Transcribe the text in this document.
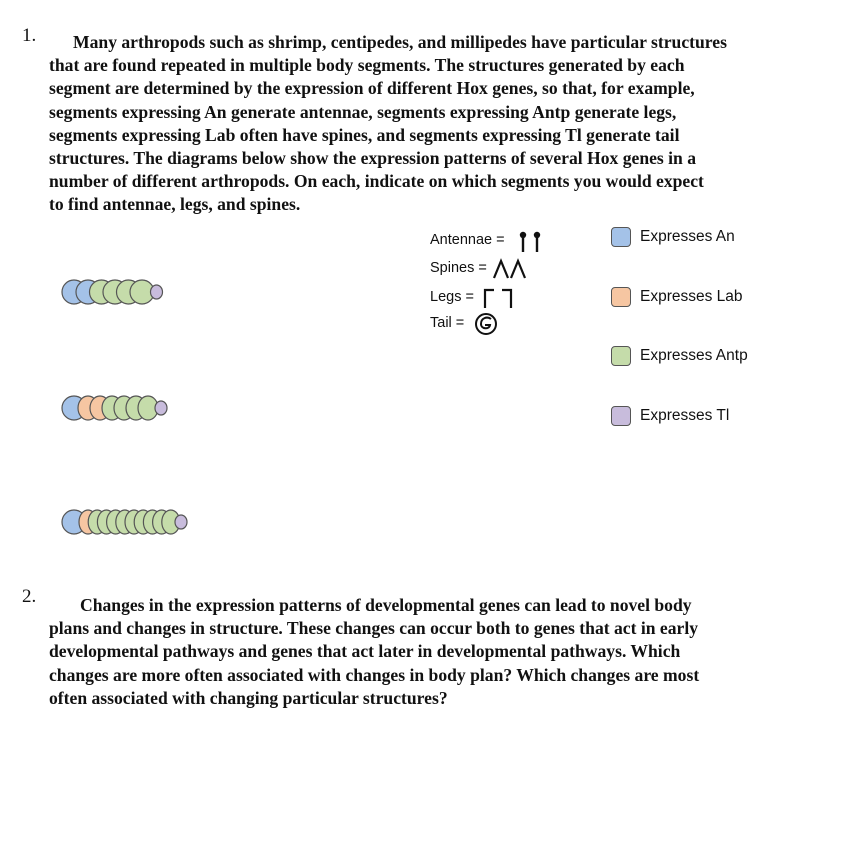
1.	Many arthropods such as shrimp, centipedes, and millipedes have particular structures
that are found repeated in multiple body segments. The structures generated by each
segment are determined by the expression of different Hox genes, so that, for example,
segments expressing An generate antennae, segments expressing Antp generate legs,
segments expressing Lab often have spines, and segments expressing Tl generate tail
structures. The diagrams below show the expression patterns of several Hox genes in a
number of different arthropods. On each, indicate on which segments you would expect
to find antennae, legs, and spines.
Antennae =
Spines =
Legs =
Tail =
Expresses An
Expresses Lab
Expresses Antp
Expresses Tl
2.	Changes in the expression patterns of developmental genes can lead to novel body
plans and changes in structure. These changes can occur both to genes that act in early
developmental pathways and genes that act later in developmental pathways. Which
changes are more often associated with changes in body plan? Which changes are most
often associated with changing particular structures?
